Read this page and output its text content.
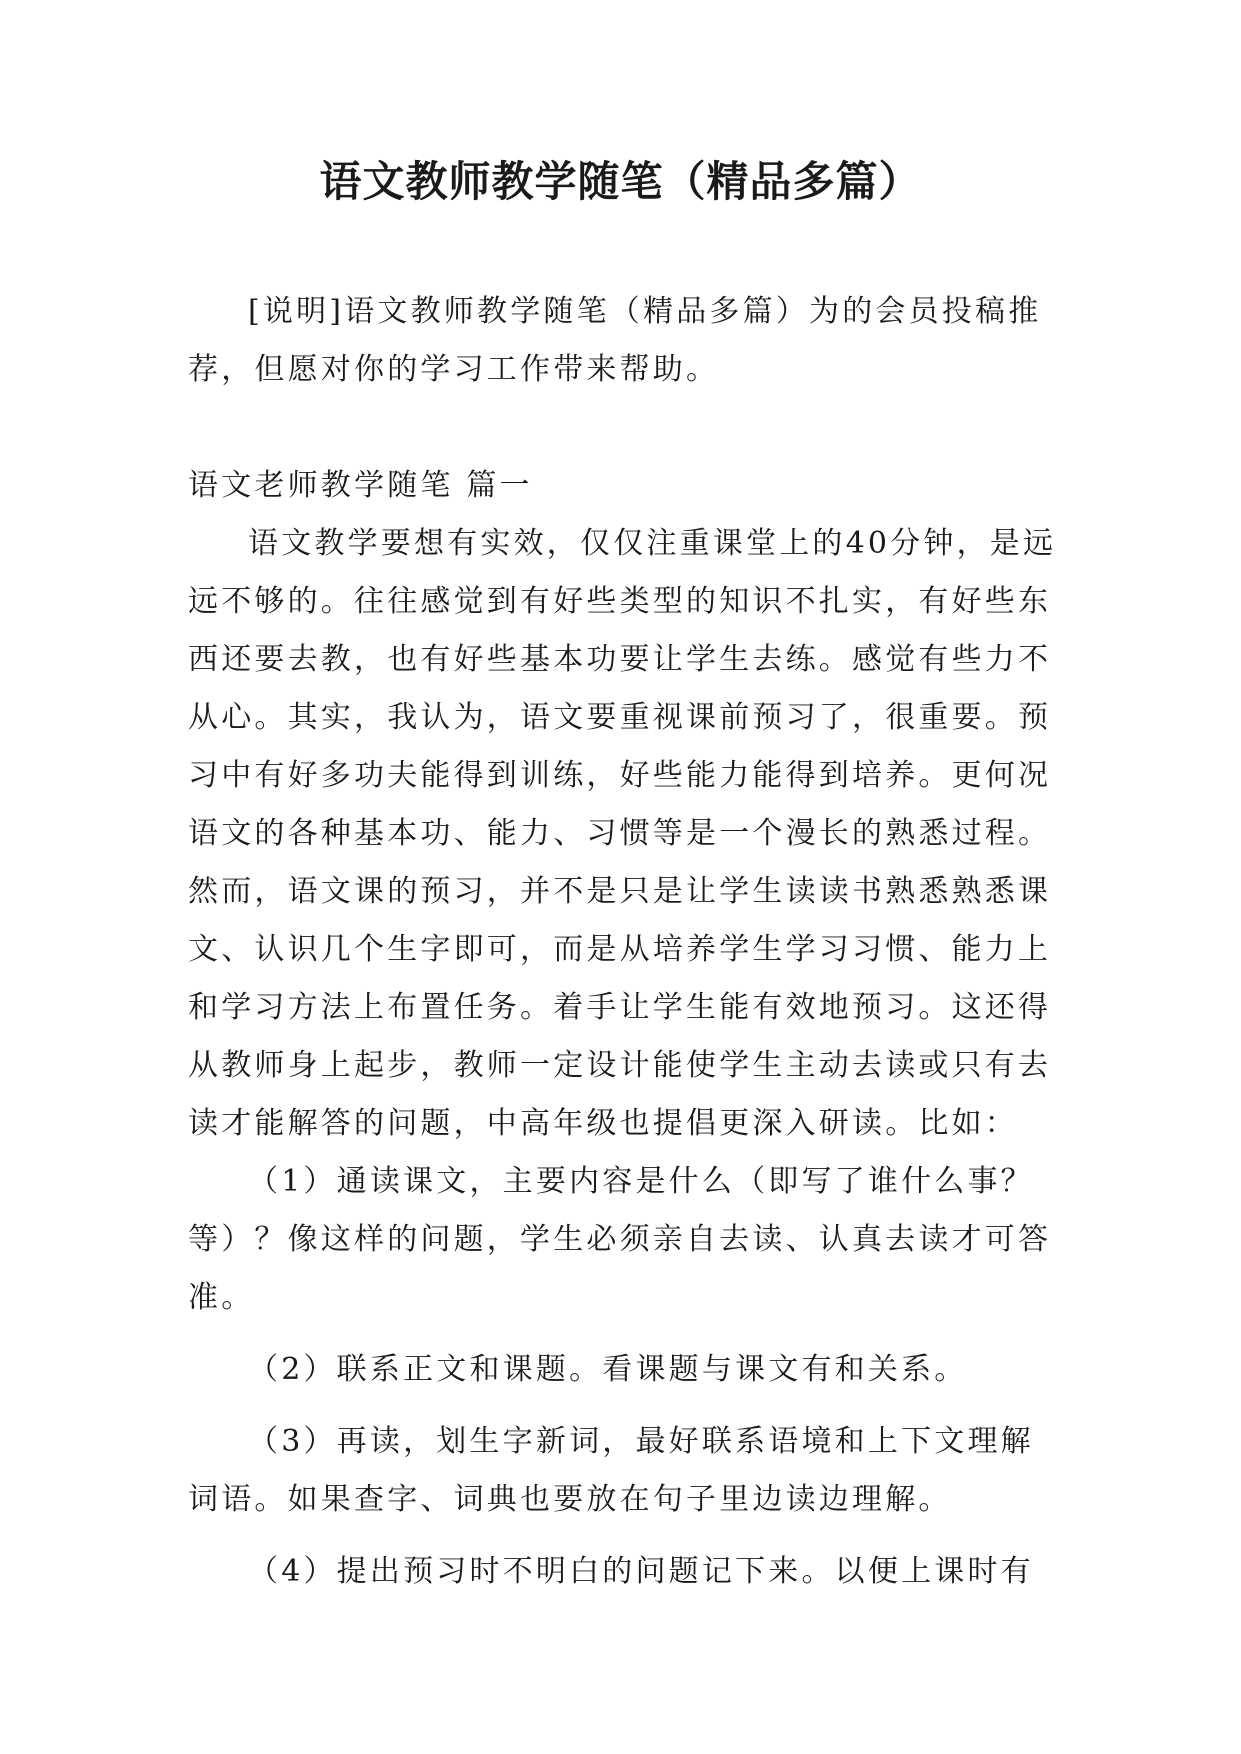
语文教师教学随笔（精品多篇）

[说明]语文教师教学随笔（精品多篇）为的会员投稿推荐，但愿对你的学习工作带来帮助。

语文老师教学随笔 篇一

语文教学要想有实效，仅仅注重课堂上的40分钟，是远远不够的。往往感觉到有好些类型的知识不扎实，有好些东西还要去教，也有好些基本功要让学生去练。感觉有些力不从心。其实，我认为，语文要重视课前预习了，很重要。预习中有好多功夫能得到训练，好些能力能得到培养。更何况语文的各种基本功、能力、习惯等是一个漫长的熟悉过程。然而，语文课的预习，并不是只是让学生读读书熟悉熟悉课文、认识几个生字即可，而是从培养学生学习习惯、能力上和学习方法上布置任务。着手让学生能有效地预习。这还得从教师身上起步，教师一定设计能使学生主动去读或只有去读才能解答的问题，中高年级也提倡更深入研读。比如：

（1）通读课文，主要内容是什么（即写了谁什么事？等）？像这样的问题，学生必须亲自去读、认真去读才可答准。

（2）联系正文和课题。看课题与课文有和关系。

（3）再读，划生字新词，最好联系语境和上下文理解词语。如果查字、词典也要放在句子里边读边理解。

（4）提出预习时不明白的问题记下来。以便上课时有
